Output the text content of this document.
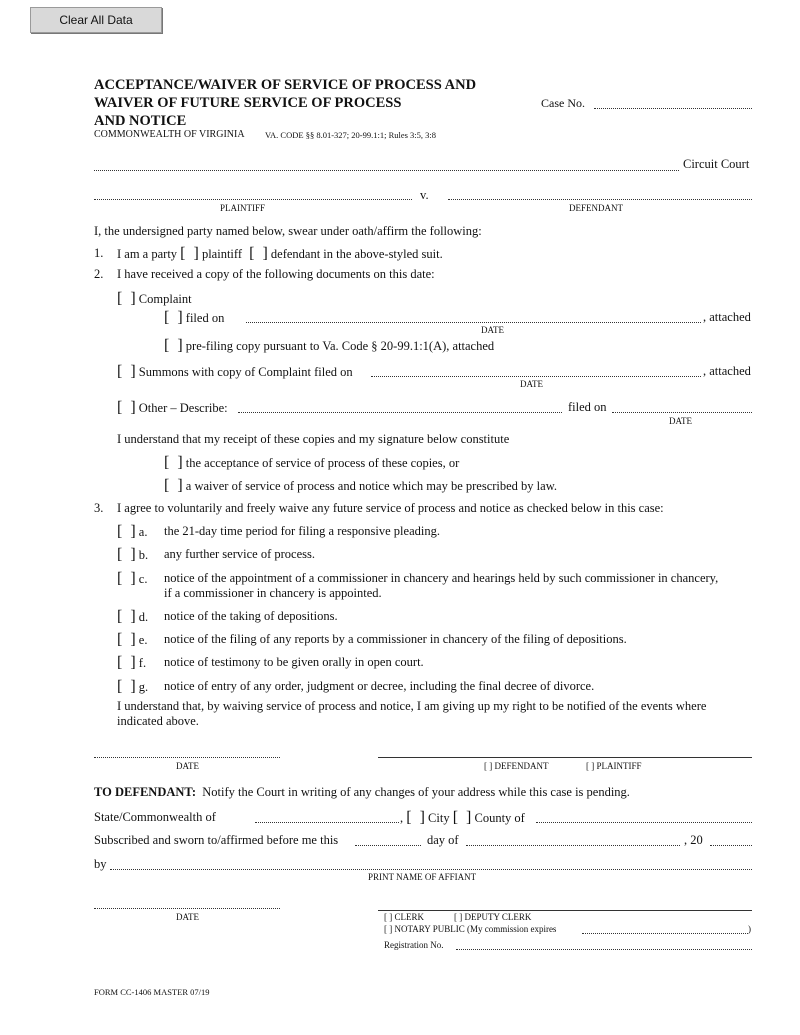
Clear All Data
ACCEPTANCE/WAIVER OF SERVICE OF PROCESS AND
WAIVER OF FUTURE SERVICE OF PROCESS
AND NOTICE
Case No.
COMMONWEALTH OF VIRGINIA VA. CODE §§ 8.01-327; 20-99.1:1; Rules 3:5, 3:8
Circuit Court
v.
PLAINTIFF	DEFENDANT
I, the undersigned party named below, swear under oath/affirm the following:
1. I am a party [  ] plaintiff  [  ] defendant in the above-styled suit.
2. I have received a copy of the following documents on this date:
[  ] Complaint
[  ] filed on	, attached
DATE
[  ] pre-filing copy pursuant to Va. Code § 20-99.1:1(A), attached
[  ] Summons with copy of Complaint filed on	, attached
DATE
[  ] Other – Describe:	filed on
DATE
I understand that my receipt of these copies and my signature below constitute
[  ] the acceptance of service of process of these copies, or
[  ] a waiver of service of process and notice which may be prescribed by law.
3. I agree to voluntarily and freely waive any future service of process and notice as checked below in this case:
[  ] a. the 21-day time period for filing a responsive pleading.
[  ] b. any further service of process.
[  ] c. notice of the appointment of a commissioner in chancery and hearings held by such commissioner in chancery,
if a commissioner in chancery is appointed.
[  ] d. notice of the taking of depositions.
[  ] e. notice of the filing of any reports by a commissioner in chancery of the filing of depositions.
[  ] f. notice of testimony to be given orally in open court.
[  ] g. notice of entry of any order, judgment or decree, including the final decree of divorce.
I understand that, by waiving service of process and notice, I am giving up my right to be notified of the events where
indicated above.
DATE	[ ] DEFENDANT	[ ] PLAINTIFF
TO DEFENDANT: Notify the Court in writing of any changes of your address while this case is pending.
State/Commonwealth of	, [  ] City [  ] County of
Subscribed and sworn to/affirmed before me this	day of	, 20
by
PRINT NAME OF AFFIANT
DATE	[ ] CLERK	[ ] DEPUTY CLERK
[ ] NOTARY PUBLIC (My commission expires	)
Registration No.
FORM CC-1406 MASTER 07/19
